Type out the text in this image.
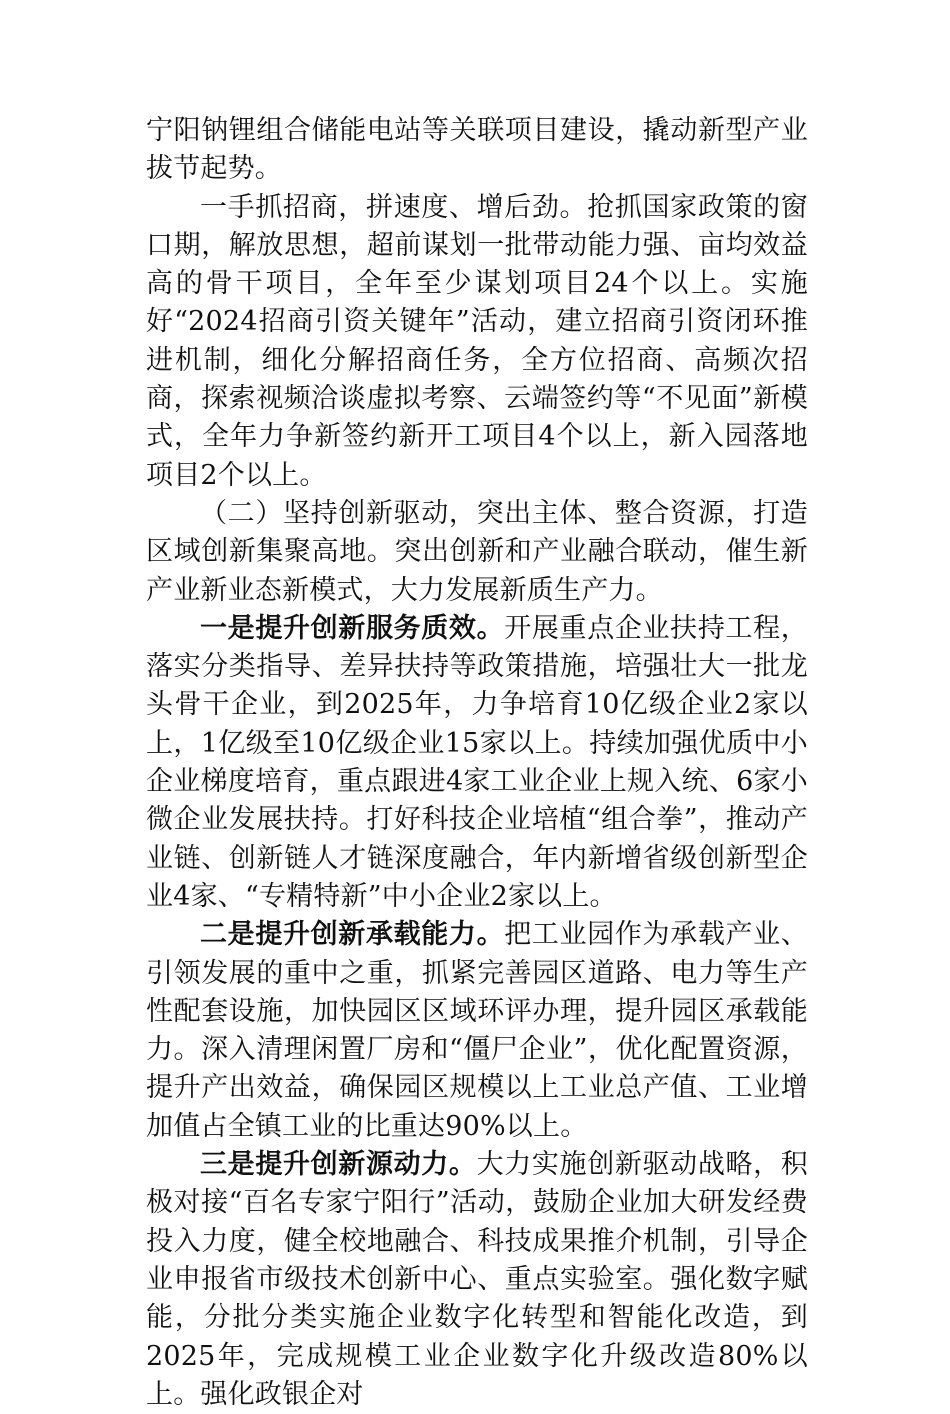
宁阳钠锂组合储能电站等关联项目建设，撬动新型产业拔节起势。

一手抓招商，拼速度、增后劲。抢抓国家政策的窗口期，解放思想，超前谋划一批带动能力强、亩均效益高的骨干项目，全年至少谋划项目24个以上。实施好“2024招商引资关键年”活动，建立招商引资闭环推进机制，细化分解招商任务，全方位招商、高频次招商，探索视频洽谈虚拟考察、云端签约等“不见面”新模式，全年力争新签约新开工项目4个以上，新入园落地项目2个以上。

（二）坚持创新驱动，突出主体、整合资源，打造区域创新集聚高地。突出创新和产业融合联动，催生新产业新业态新模式，大力发展新质生产力。

一是提升创新服务质效。开展重点企业扶持工程，落实分类指导、差异扶持等政策措施，培强壮大一批龙头骨干企业，到2025年，力争培育10亿级企业2家以上，1亿级至10亿级企业15家以上。持续加强优质中小企业梯度培育，重点跟进4家工业企业上规入统、6家小微企业发展扶持。打好科技企业培植“组合拳”，推动产业链、创新链人才链深度融合，年内新增省级创新型企业4家、“专精特新”中小企业2家以上。

二是提升创新承载能力。把工业园作为承载产业、引领发展的重中之重，抓紧完善园区道路、电力等生产性配套设施，加快园区区域环评办理，提升园区承载能力。深入清理闲置厂房和“僵尸企业”，优化配置资源，提升产出效益，确保园区规模以上工业总产值、工业增加值占全镇工业的比重达90%以上。

三是提升创新源动力。大力实施创新驱动战略，积极对接“百名专家宁阳行”活动，鼓励企业加大研发经费投入力度，健全校地融合、科技成果推介机制，引导企业申报省市级技术创新中心、重点实验室。强化数字赋能，分批分类实施企业数字化转型和智能化改造，到2025年，完成规模工业企业数字化升级改造80%以上。强化政银企对
